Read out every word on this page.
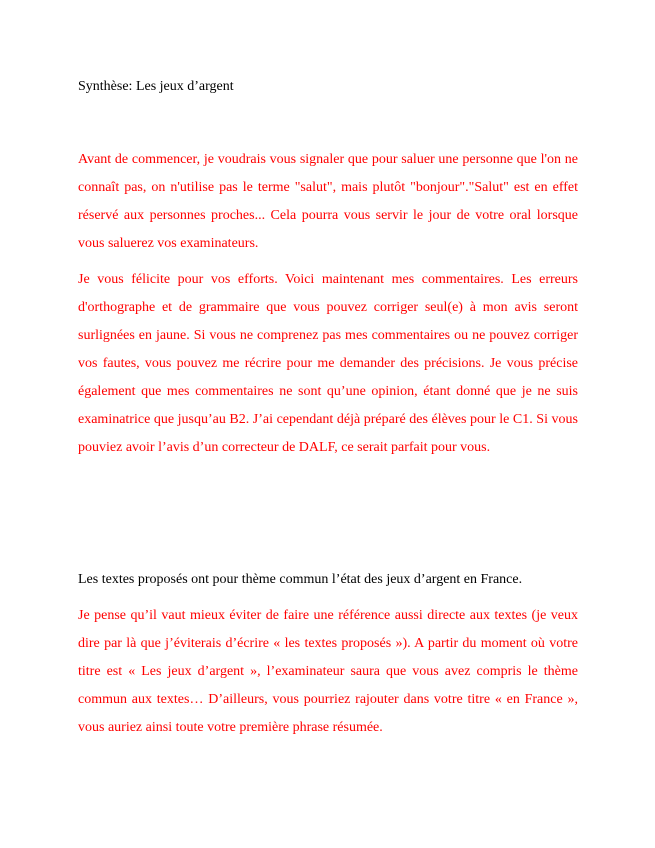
Synthèse: Les jeux d’argent
Avant de commencer, je voudrais vous signaler que pour saluer une personne que l'on ne connaît pas, on n'utilise pas le terme "salut", mais plutôt "bonjour"."Salut" est en effet réservé aux personnes proches... Cela pourra vous servir le jour de votre oral lorsque vous saluerez vos examinateurs.
Je vous félicite pour vos efforts. Voici maintenant mes commentaires. Les erreurs d'orthographe et de grammaire que vous pouvez corriger seul(e) à mon avis seront surlignées en jaune. Si vous ne comprenez pas mes commentaires ou ne pouvez corriger vos fautes, vous pouvez me récrire pour me demander des précisions. Je vous précise également que mes commentaires ne sont qu’une opinion, étant donné que je ne suis examinatrice que jusqu’au B2. J’ai cependant déjà préparé des élèves pour le C1. Si vous pouviez avoir l’avis d’un correcteur de DALF, ce serait parfait pour vous.
Les textes proposés ont pour thème commun l’état des jeux d’argent en France.
Je pense qu’il vaut mieux éviter de faire une référence aussi directe aux textes (je veux dire par là que j’éviterais d’écrire « les textes proposés »). A partir du moment où votre titre est « Les jeux d’argent », l’examinateur saura que vous avez compris le thème commun aux textes… D’ailleurs, vous pourriez rajouter dans votre titre « en France », vous auriez ainsi toute votre première phrase résumée.
